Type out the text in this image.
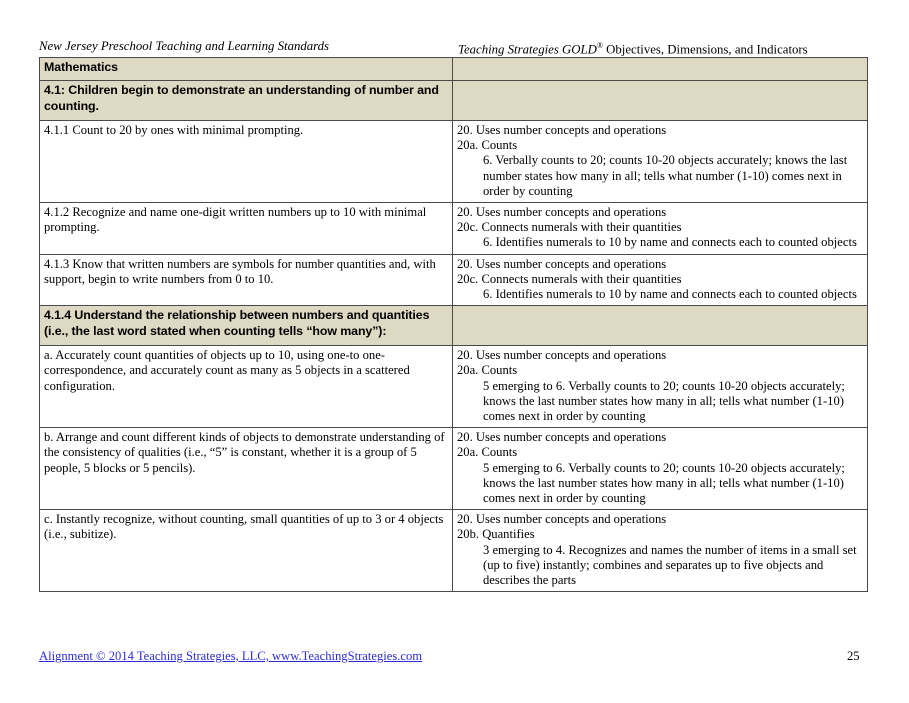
New Jersey Preschool Teaching and Learning Standards	Teaching Strategies GOLD® Objectives, Dimensions, and Indicators
Mathematics	
4.1: Children begin to demonstrate an understanding of number and counting.	
4.1.1 Count to 20 by ones with minimal prompting.	20. Uses number concepts and operations
20a. Counts
6. Verbally counts to 20; counts 10-20 objects accurately; knows the last number states how many in all; tells what number (1-10) comes next in order by counting

4.1.2 Recognize and name one-digit written numbers up to 10 with minimal prompting.	20. Uses number concepts and operations
20c. Connects numerals with their quantities
6. Identifies numerals to 10 by name and connects each to counted objects

4.1.3 Know that written numbers are symbols for number quantities and, with support, begin to write numbers from 0 to 10.	20. Uses number concepts and operations
20c. Connects numerals with their quantities
6. Identifies numerals to 10 by name and connects each to counted objects

4.1.4 Understand the relationship between numbers and quantities (i.e., the last word stated when counting tells “how many”):	
a. Accurately count quantities of objects up to 10, using one-to one-correspondence, and accurately count as many as 5 objects in a scattered configuration.	20. Uses number concepts and operations
20a. Counts
5 emerging to 6. Verbally counts to 20; counts 10-20 objects accurately; knows the last number states how many in all; tells what number (1-10) comes next in order by counting

b. Arrange and count different kinds of objects to demonstrate understanding of the consistency of qualities (i.e., “5” is constant, whether it is a group of 5 people, 5 blocks or 5 pencils).	20. Uses number concepts and operations
20a. Counts
5 emerging to 6. Verbally counts to 20; counts 10-20 objects accurately; knows the last number states how many in all; tells what number (1-10) comes next in order by counting

c. Instantly recognize, without counting, small quantities of up to 3 or 4 objects (i.e., subitize).	20. Uses number concepts and operations
20b. Quantifies
3 emerging to 4. Recognizes and names the number of items in a small set (up to five) instantly; combines and separates up to five objects and describes the parts
Alignment © 2014 Teaching Strategies, LLC, www.TeachingStrategies.com	25
